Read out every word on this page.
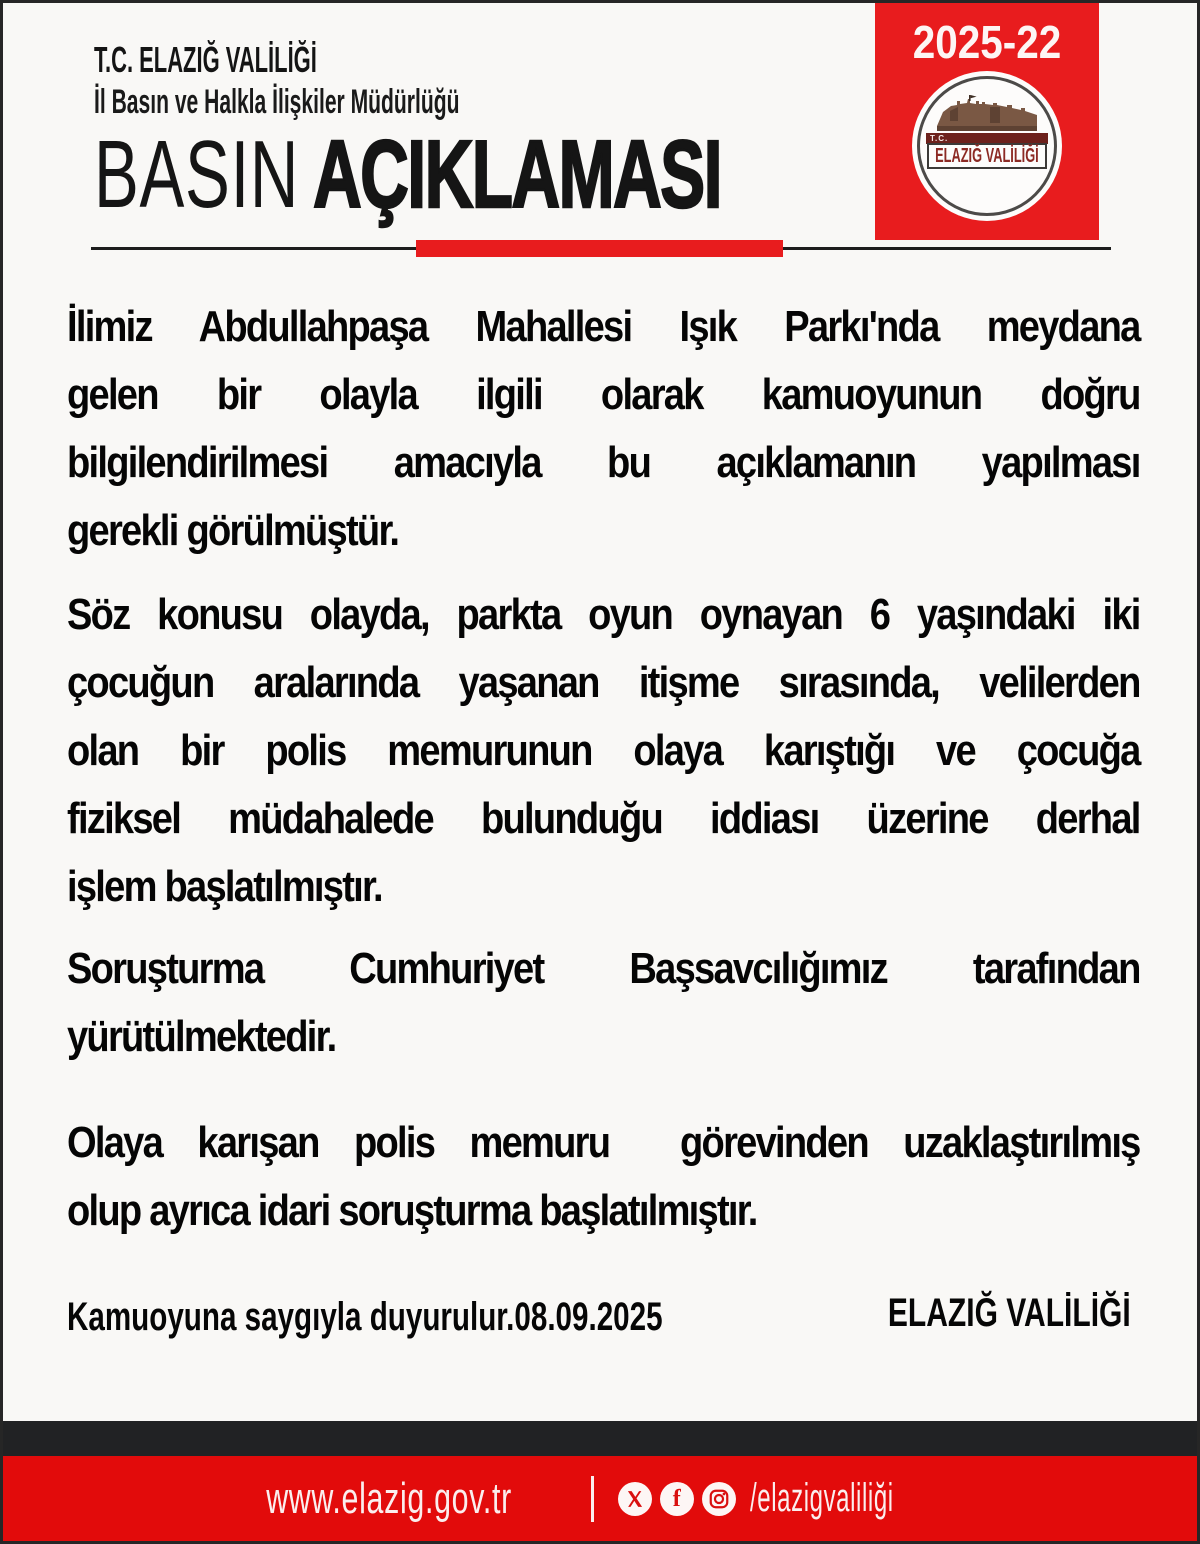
T.C. ELAZIĞ VALİLİĞİ
İl Basın ve Halkla İlişkiler Müdürlüğü
BASIN AÇIKLAMASI
2025-22
T.C.
ELAZIĞ VALİLİĞİ
İlimiz Abdullahpaşa Mahallesi Işık Parkı'nda meydana
gelen bir olayla ilgili olarak kamuoyunun doğru
bilgilendirilmesi amacıyla bu açıklamanın yapılması
gerekli görülmüştür.
Söz konusu olayda, parkta oyun oynayan 6 yaşındaki iki
çocuğun aralarında yaşanan itişme sırasında, velilerden
olan bir polis memurunun olaya karıştığı ve çocuğa
fiziksel müdahalede bulunduğu iddiası üzerine derhal
işlem başlatılmıştır.
Soruşturma Cumhuriyet Başsavcılığımız tarafından
yürütülmektedir.
Olaya karışan polis memuru  görevinden uzaklaştırılmış
olup ayrıca idari soruşturma başlatılmıştır.
Kamuoyuna saygıyla duyurulur.08.09.2025	ELAZIĞ VALİLİĞİ
www.elazig.gov.tr	f /elazigvaliliği
